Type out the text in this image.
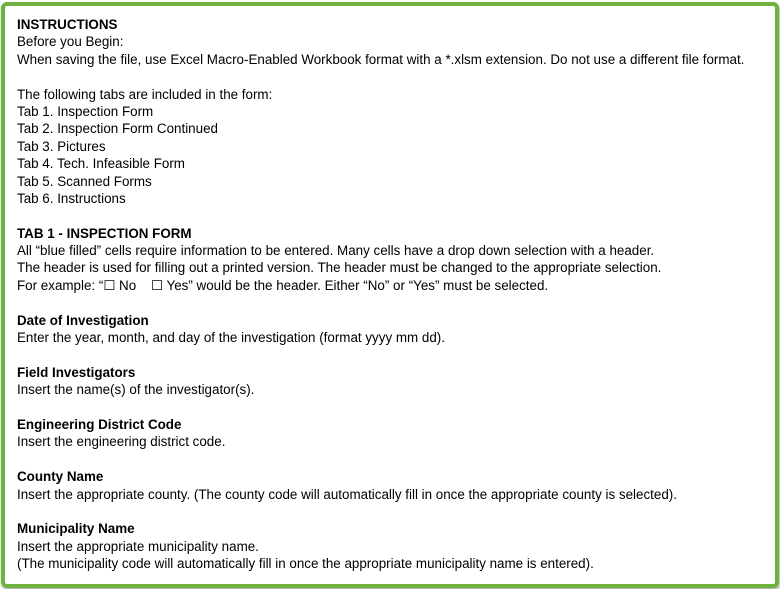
INSTRUCTIONS
Before you Begin:
When saving the file, use Excel Macro-Enabled Workbook format with a *.xlsm extension. Do not use a different file format.
The following tabs are included in the form:
Tab 1. Inspection Form
Tab 2. Inspection Form Continued
Tab 3. Pictures
Tab 4. Tech. Infeasible Form
Tab 5. Scanned Forms
Tab 6. Instructions
TAB 1 - INSPECTION FORM
All “blue filled” cells require information to be entered. Many cells have a drop down selection with a header.
The header is used for filling out a printed version. The header must be changed to the appropriate selection.
For example: “☐ No    ☐ Yes” would be the header. Either “No” or “Yes” must be selected.
Date of Investigation
Enter the year, month, and day of the investigation (format yyyy mm dd).
Field Investigators
Insert the name(s) of the investigator(s).
Engineering District Code
Insert the engineering district code.
County Name
Insert the appropriate county. (The county code will automatically fill in once the appropriate county is selected).
Municipality Name
Insert the appropriate municipality name.
(The municipality code will automatically fill in once the appropriate municipality name is entered).
